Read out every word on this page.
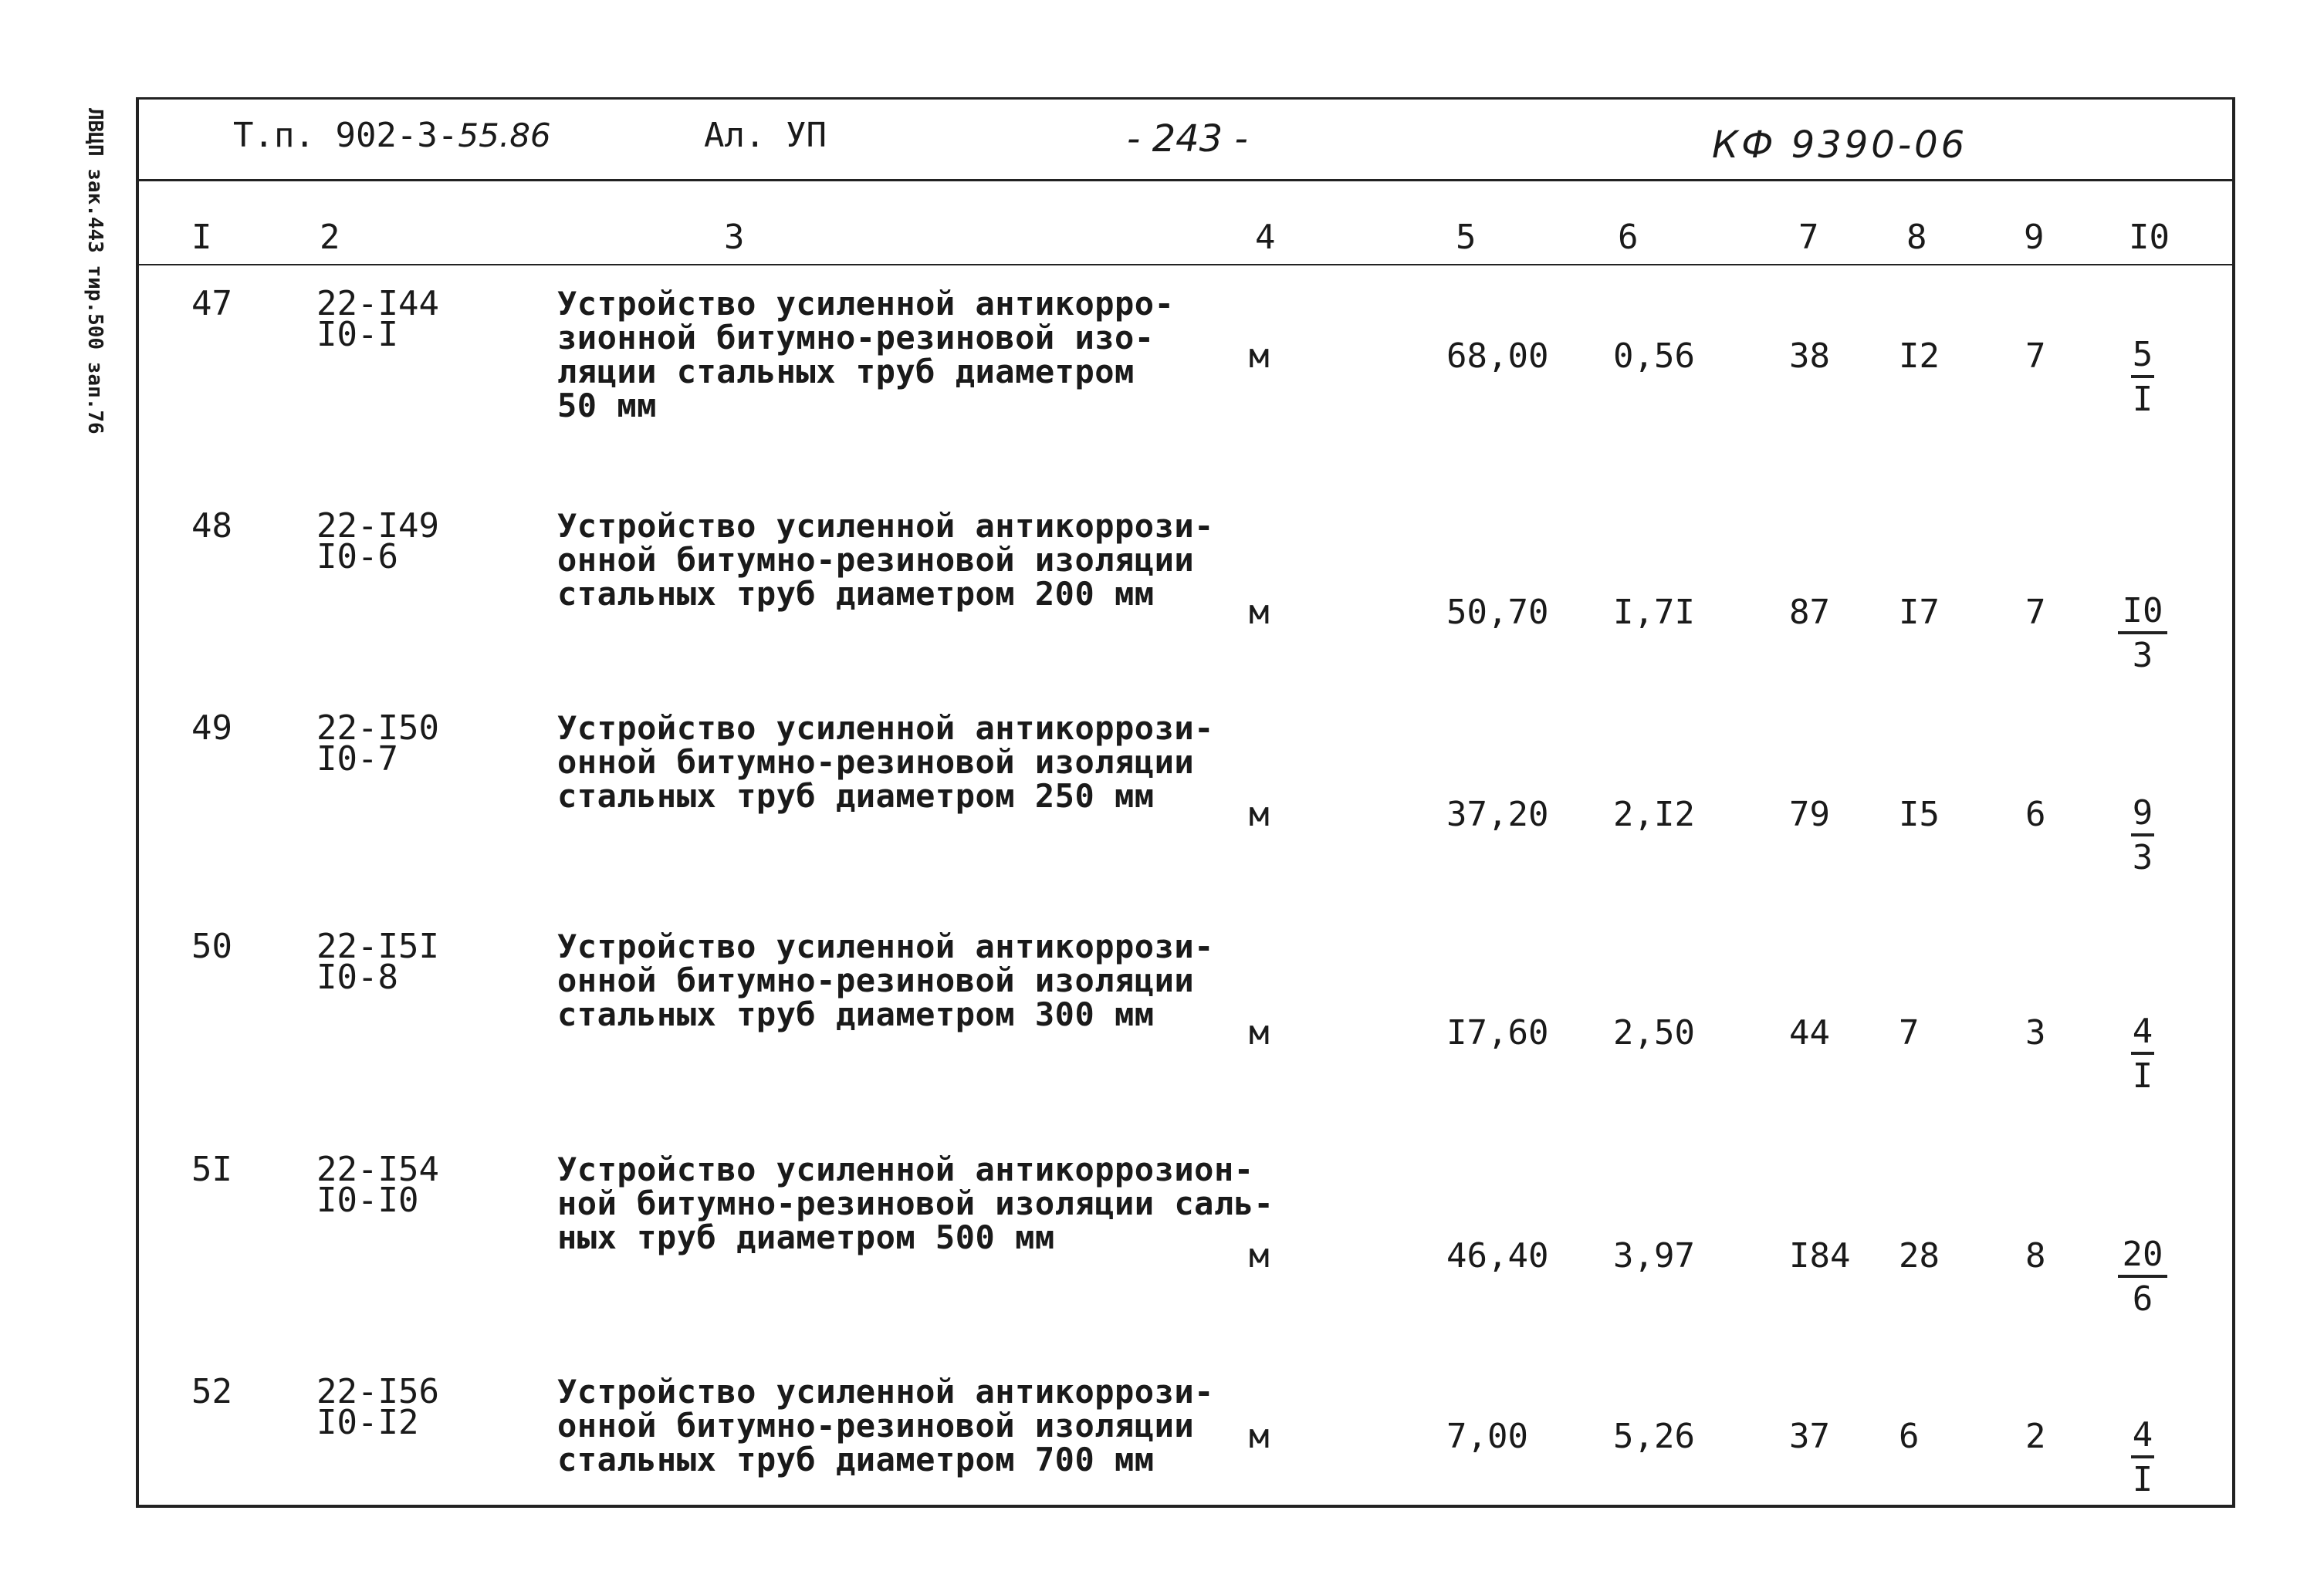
ЛВЦП зак.443 тир.500 зап.76	Т.п. 902-3-55.86	Ал. УП	- 243 -	КФ 9390-06
I	2	3	4	5	6	7	8	9 I0
47 22-I44
I0-I
Устройство усиленной антикорро-
зионной битумно-резиновой изо-
ляции стальных труб диаметром
50 мм
м	68,00 0,56	38 I2	7	5
I
48 22-I49
I0-6
Устройство усиленной антикоррози-
онной битумно-резиновой изоляции
стальных труб диаметром 200 мм	м	50,70 I,7I	87 I7	7	I0
3
49 22-I50
I0-7
Устройство усиленной антикоррози-
онной битумно-резиновой изоляции
стальных труб диаметром 250 мм	м	37,20 2,I2	79 I5	6	9
3
50 22-I5I
I0-8
Устройство усиленной антикоррози-
онной битумно-резиновой изоляции
стальных труб диаметром 300 мм	м	I7,60 2,50	44 7	3	4
I
5I 22-I54
I0-I0
Устройство усиленной антикоррозион-
ной битумно-резиновой изоляции саль-
ных труб диаметром 500 мм	м	46,40 3,97	I84 28	8	20
6
52 22-I56
I0-I2
Устройство усиленной антикоррози-
онной битумно-резиновой изоляции
стальных труб диаметром 700 мм
м	7,00	5,26	37 6	2	4
I
